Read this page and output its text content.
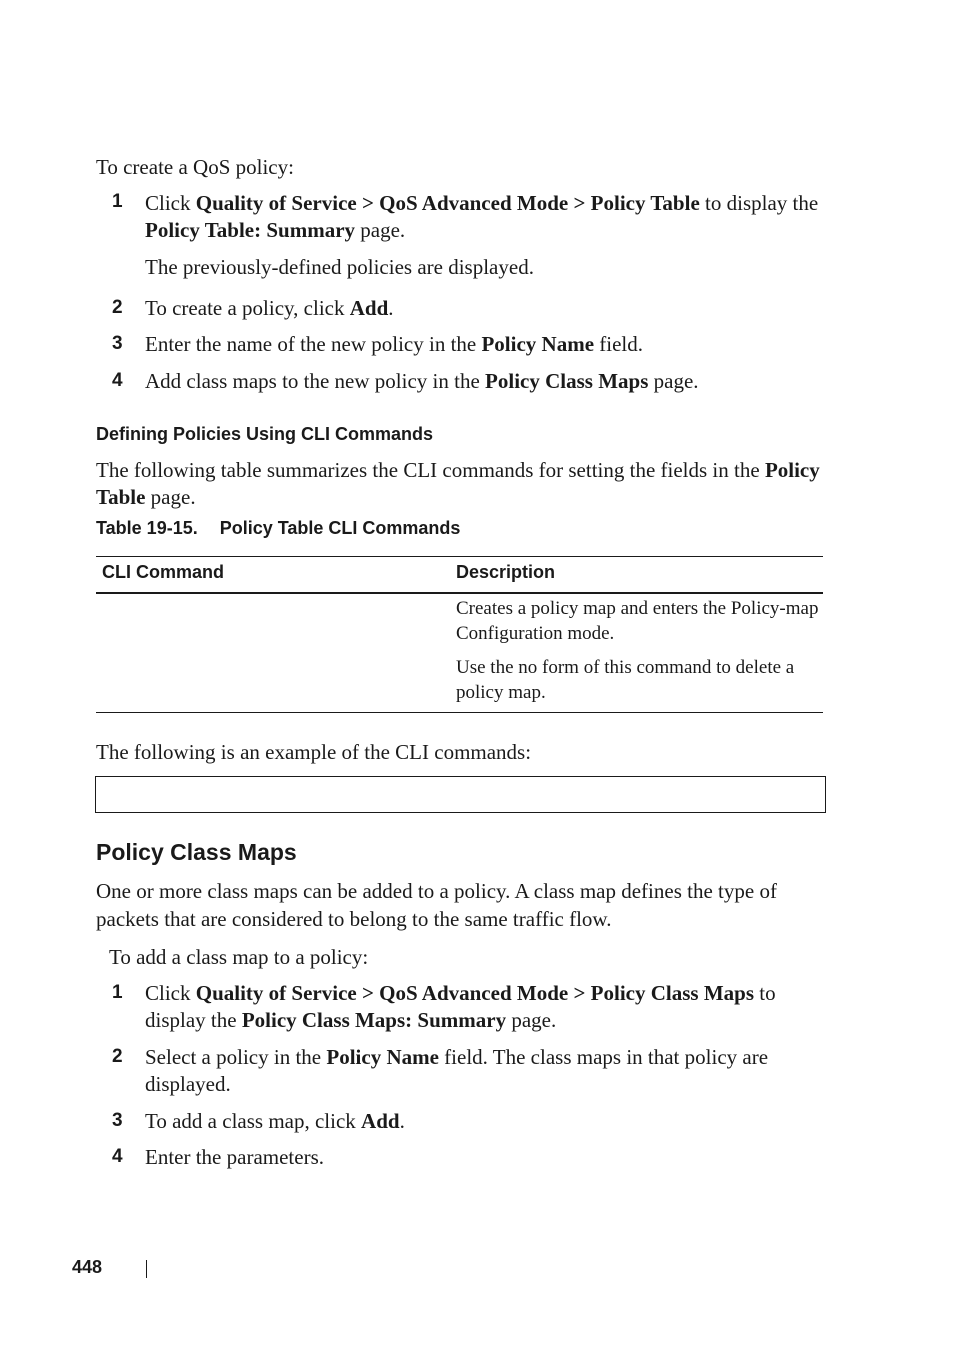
To create a QoS policy:
1 Click Quality of Service > QoS Advanced Mode > Policy Table to display the Policy Table: Summary page.
The previously-defined policies are displayed.
2 To create a policy, click Add.
3 Enter the name of the new policy in the Policy Name field.
4 Add class maps to the new policy in the Policy Class Maps page.
Defining Policies Using CLI Commands
The following table summarizes the CLI commands for setting the fields in the Policy Table page.
Table 19-15. Policy Table CLI Commands
CLI Command	Description
Creates a policy map and enters the Policy-map Configuration mode.
Use the no form of this command to delete a policy map.
The following is an example of the CLI commands:
Policy Class Maps
One or more class maps can be added to a policy. A class map defines the type of packets that are considered to belong to the same traffic flow.
To add a class map to a policy:
1 Click Quality of Service > QoS Advanced Mode > Policy Class Maps to display the Policy Class Maps: Summary page.
2 Select a policy in the Policy Name field. The class maps in that policy are displayed.
3 To add a class map, click Add.
4 Enter the parameters.
448
